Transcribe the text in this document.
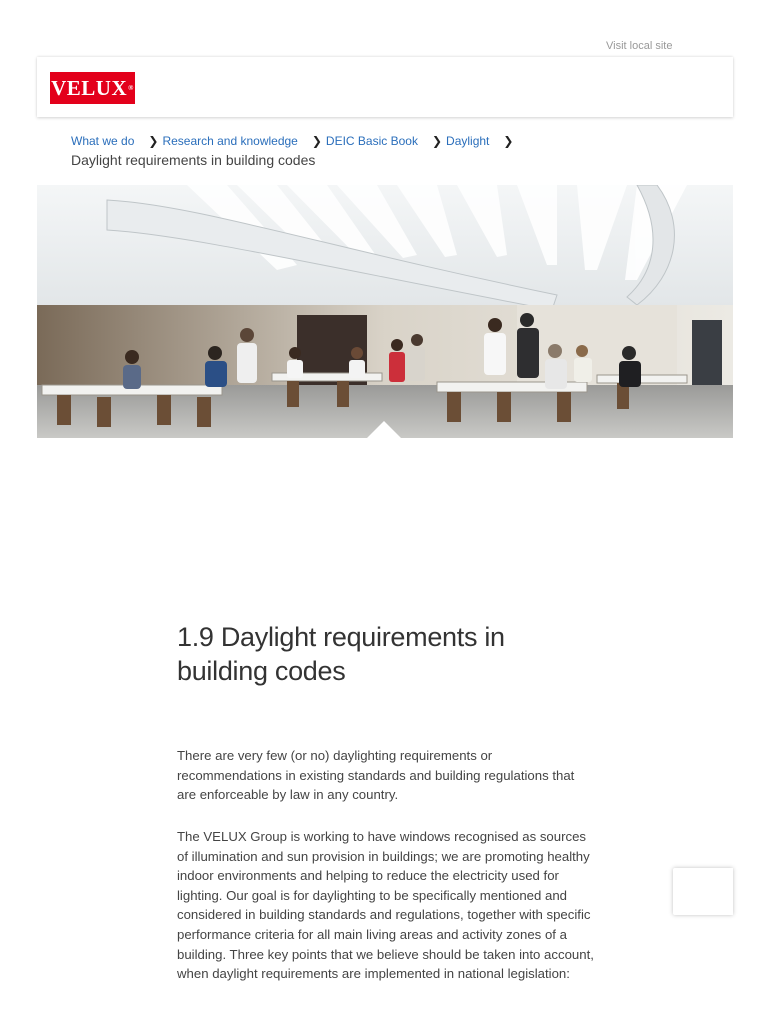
Visit local site
VELUX ®
What we do ❯ Research and knowledge ❯ DEIC Basic Book ❯ Daylight ❯
Daylight requirements in building codes
1.9 Daylight requirements in building codes

There are very few (or no) daylighting requirements or recommendations in existing standards and building regulations that are enforceable by law in any country.

The VELUX Group is working to have windows recognised as sources of illumination and sun provision in buildings; we are promoting healthy indoor environments and helping to reduce the electricity used for lighting. Our goal is for daylighting to be specifically mentioned and considered in building standards and regulations, together with specific performance criteria for all main living areas and activity zones of a building. Three key points that we believe should be taken into account, when daylight requirements are implemented in national legislation:
